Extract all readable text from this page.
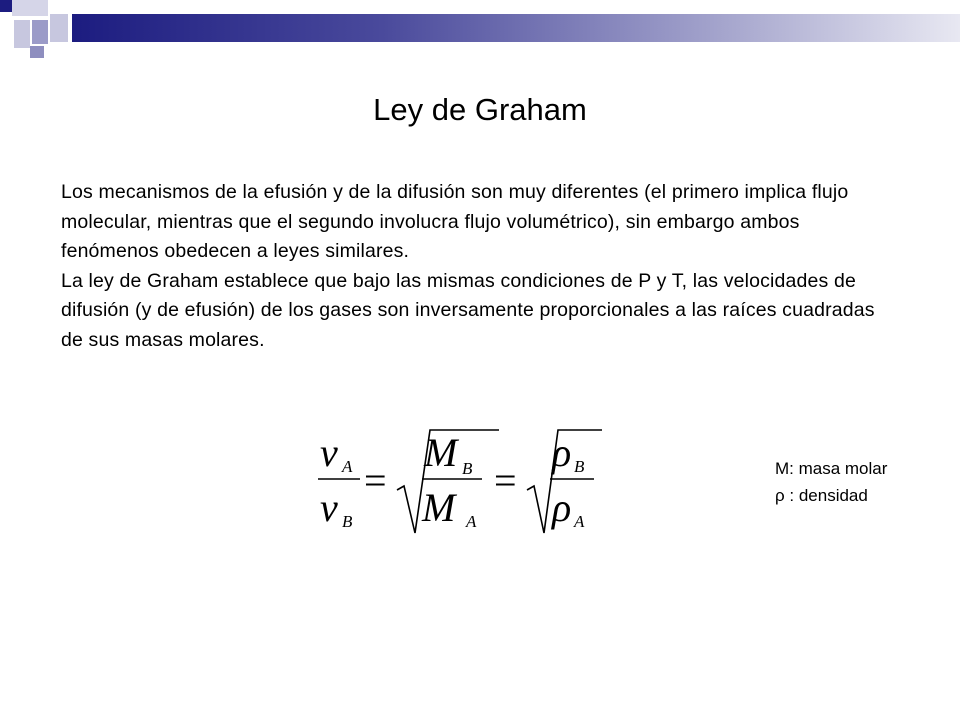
Ley de Graham

Los mecanismos de la efusión y de la difusión son muy diferentes (el primero implica flujo molecular, mientras que el segundo involucra flujo volumétrico), sin embargo ambos fenómenos obedecen a leyes similares.

La ley de Graham establece que bajo las mismas condiciones de P y T, las velocidades de difusión (y de efusión) de los gases son inversamente proporcionales a las raíces cuadradas de sus masas molares.

v A
v B
=
M B
M A
=
ρ B
ρ A
M: masa molar
ρ : densidad
